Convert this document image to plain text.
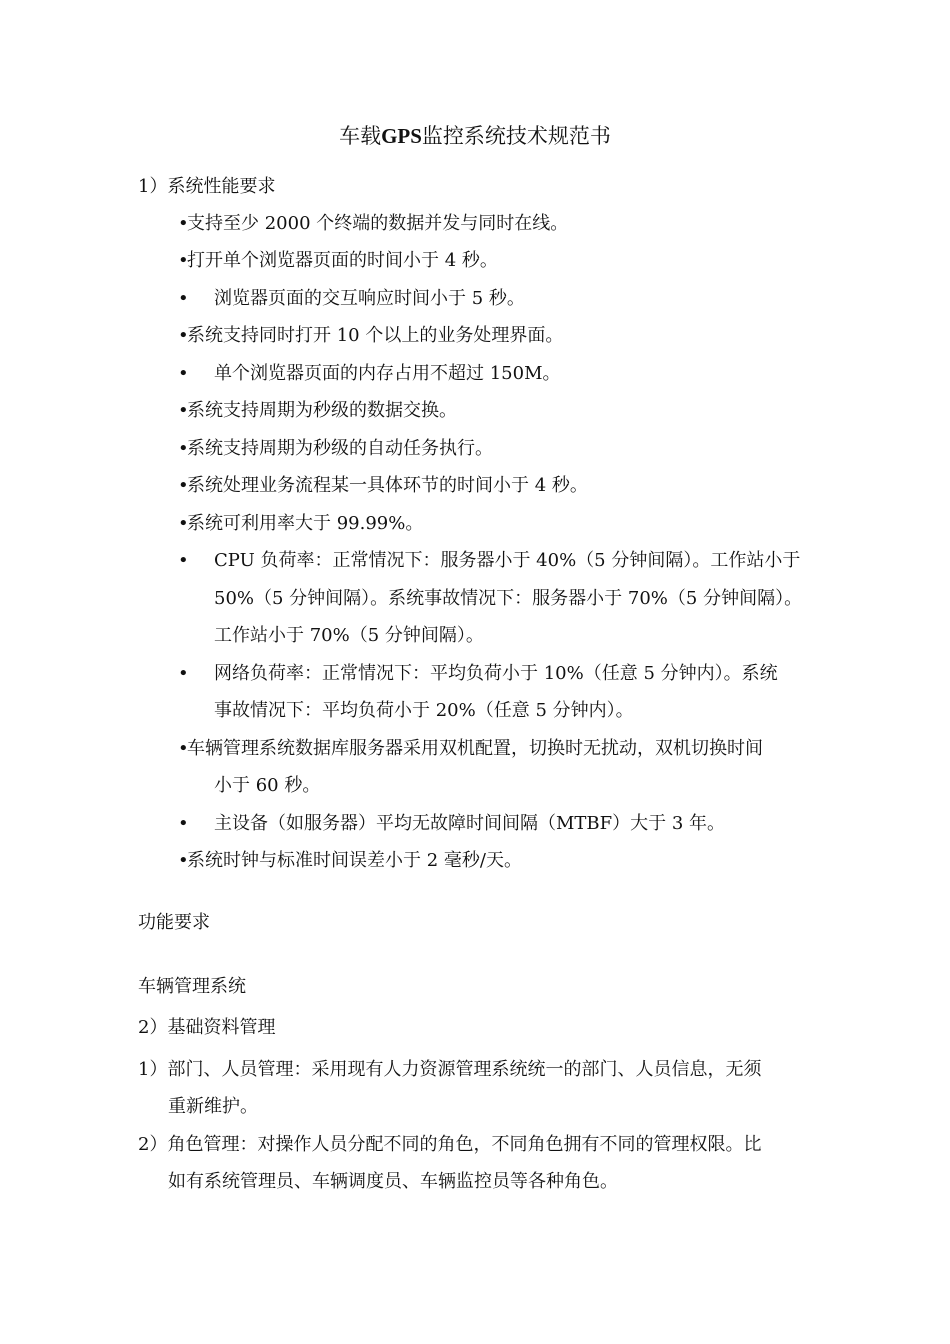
车载GPS监控系统技术规范书
1）系统性能要求
•
支持至少 2000 个终端的数据并发与同时在线。
•
打开单个浏览器页面的时间小于 4 秒。
• 浏览器页面的交互响应时间小于 5 秒。
•
系统支持同时打开 10 个以上的业务处理界面。
• 单个浏览器页面的内存占用不超过 150M。
•
系统支持周期为秒级的数据交换。
•
系统支持周期为秒级的自动任务执行。
•
系统处理业务流程某一具体环节的时间小于 4 秒。
•
系统可利用率大于 99.99%。
• CPU 负荷率：正常情况下：服务器小于 40%（5 分钟间隔）。工作站小于
50%（5 分钟间隔）。系统事故情况下：服务器小于 70%（5 分钟间隔）。
工作站小于 70%（5 分钟间隔）。
• 网络负荷率：正常情况下：平均负荷小于 10%（任意 5 分钟内）。系统
事故情况下：平均负荷小于 20%（任意 5 分钟内）。
•
车辆管理系统数据库服务器采用双机配置，切换时无扰动，双机切换时间
小于 60 秒。
• 主设备（如服务器）平均无故障时间间隔（MTBF）大于 3 年。
•
系统时钟与标准时间误差小于 2 毫秒/天。
功能要求
车辆管理系统
2）基础资料管理
1）部门、人员管理：采用现有人力资源管理系统统一的部门、人员信息，无须
重新维护。
2）角色管理：对操作人员分配不同的角色，不同角色拥有不同的管理权限。比
如有系统管理员、车辆调度员、车辆监控员等各种角色。
